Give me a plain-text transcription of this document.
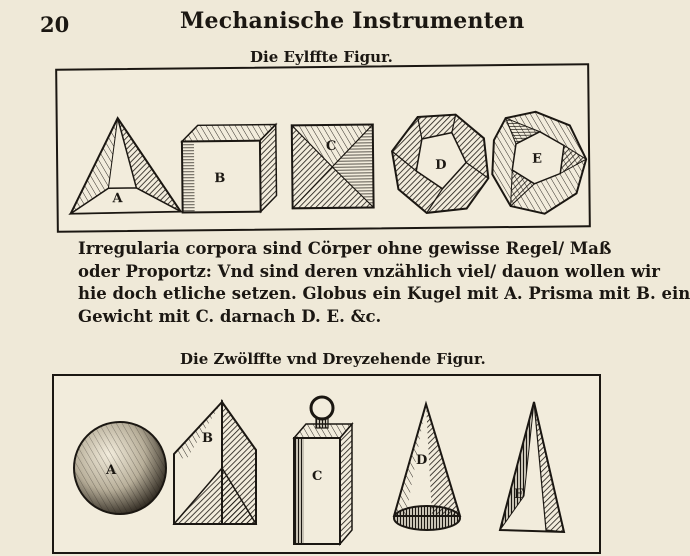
20	Mechanische Instrumenten
Die Eylffte Figur.
A
B
C
D	E

Irregularia corpora sind Cörper ohne gewisse Regel/ Maß

oder Proportz: Vnd sind deren vnzählich viel/ dauon wollen wir

hie doch etliche setzen. Globus ein Kugel mit A. Prisma mit B. ein

Gewicht mit C. darnach D. E. &c.

Die Zwölffte vnd Dreyzehende Figur.
A
B
C
D
E
